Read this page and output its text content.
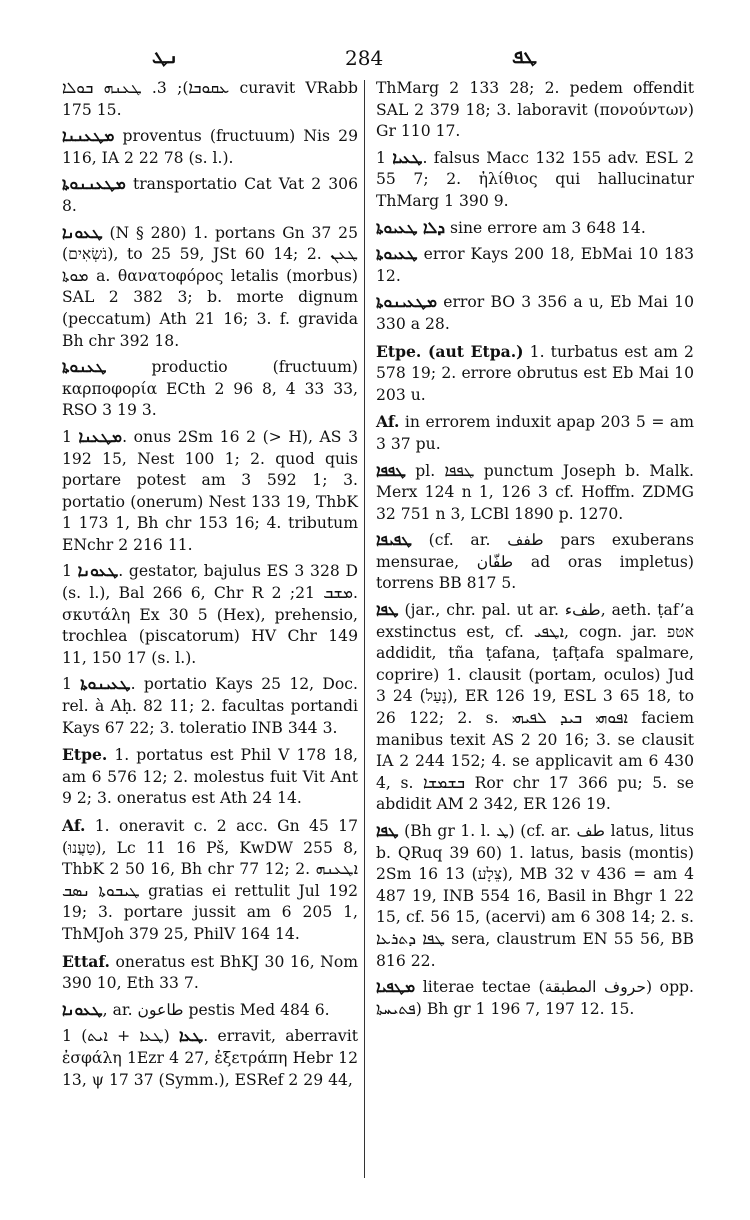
ܢܛ	284	ܛܦ

ܥܩܘܒܐ); 3. ܛܥܢܗ ܒܘܠܐ curavit VRabb 175 15.

ܡܛܥܢܢܐ proventus (fructuum) Nis 29 116, IA 2 22 78 (s. l.).

ܡܛܥܢܢܘܬܐ transportatio Cat Vat 2 306 8.

ܛܥܘܢܐ (N § 280) 1. portans Gn 37 25 (נֹשְׂאִים), to 25 59, JSt 60 14; 2. ܛܥܢ ܡܘܬܐ a. θανατοφόρος letalis (morbus) SAL 2 382 3; b. morte dignum (peccatum) Ath 21 16; 3. f. gravida Bh chr 392 18.

ܛܥܢܘܬܐ productio (fructuum) καρποφορία ECth 2 96 8, 4 33 33, RSO 3 19 3.

ܡܛܥܢܐ 1. onus 2Sm 16 2 (> H), AS 3 192 15, Nest 100 1; 2. quod quis portare potest am 3 592 1; 3. portatio (onerum) Nest 133 19, ThbK 1 173 1, Bh chr 153 16; 4. tributum ENchr 2 216 11.

ܛܥܘܢܐ 1. gestator, bajulus ES 3 328 D (s. l.), Bal 266 6, Chr R ܡܫܒ 21; 2. σκυτάλη Ex 30 5 (Hex), prehensio, trochlea (piscatorum) HV Chr 149 11, 150 17 (s. l.).

ܛܥܝܢܘܬܐ 1. portatio Kays 25 12, Doc. rel. à Aḥ. 82 11; 2. facultas portandi Kays 67 22; 3. toleratio INB 344 3.

Etpe. 1. portatus est Phil V 178 18, am 6 576 12; 2. molestus fuit Vit Ant 9 2; 3. oneratus est Ath 24 14.

Af. 1. oneravit c. 2 acc. Gn 45 17 (טַעֲנוּ), Lc 11 16 Pš, KwDW 255 8, ThbK 2 50 16, Bh chr 77 12; 2. ܐܛܥܢܗ ܛܝܒܘܬܐ ܢܣܒ gratias ei rettulit Jul 192 19; 3. portare jussit am 6 205 1, ThMJoh 379 25, PhilV 164 14.

Ettaf. oneratus est BhKJ 30 16, Nom 390 10, Eth 33 7.

ܛܥܘܢܐ, ar. طاعون pestis Med 484 6.

ܛܥܐ (ܛܥܐ + ܐܝܬ) 1. erravit, aberravit ἐσφάλη 1Ezr 4 27, ἐξετράπη Hebr 12 13, ψ 17 37 (Symm.), ESRef 2 29 44,

ThMarg 2 133 28; 2. pedem offendit SAL 2 379 18; 3. laboravit (πονούντων) Gr 110 17.

ܛܥܝܐ 1. falsus Macc 132 155 adv. ESL 2 55 7; 2. ἠλίθιος qui hallucinatur ThMarg 1 390 9.

ܕܠܐ ܛܥܝܘܬܐ sine errore am 3 648 14.

ܛܥܝܘܬܐ error Kays 200 18, EbMai 10 183 12.

ܡܛܥܝܢܘܬܐ error BO 3 356 a u, Eb Mai 10 330 a 28.

Etpe. (aut Etpa.) 1. turbatus est am 2 578 19; 2. errore obrutus est Eb Mai 10 203 u.

Af. in errorem induxit apap 203 5 = am 3 37 pu.

ܛܦܦܐ pl. ܛܦܦܐ punctum Joseph b. Malk. Merx 124 n 1, 126 3 cf. Hoffm. ZDMG 32 751 n 3, LCBl 1890 p. 1270.

ܛܦܝܦܐ (cf. ar. طفف pars exuberans mensurae, طفّان ad oras impletus) torrens BB 817 5.

ܛܦܐ (jar., chr. pal. ut ar. طفء, aeth. ṭaf’a exstinctus est, cf. ܐܛܦܝ, cogn. jar. אטפ addidit, tña ṭafana, ṭafṭafa spalmare, coprire) 1. clausit (portam, oculos) Jud 3 24 (נָעַל), ER 126 19, ESL 3 65 18, to 26 122; 2. s. ܐܦܘܗܝ ܒܝܕ ܠܦܝܗܝ faciem manibus texit AS 2 20 16; 3. se clausit IA 2 244 152; 4. se applicavit am 6 430 4, s. ܒܫܡܫܐ Ror chr 17 366 pu; 5. se abdidit AM 2 342, ER 126 19.

ܛܦܐ (Bh gr 1. l. ܛ) (cf. ar. طف latus, litus b. QRuq 39 60) 1. latus, basis (montis) 2Sm 16 13 (צֵלָע), MB 32 v 436 = am 4 487 19, INB 554 16, Basil in Bhgr 1 22 15, cf. 56 15, (acervi) am 6 308 14; 2. s. ܛܦܐ ܕܬܪܥܐ sera, claustrum EN 55 56, BB 816 22.

ܡܛܦܝܐ literae tectae (حروف المطبقة) opp. ܦܬܝܚܬܐ) Bh gr 1 196 7, 197 12. 15.
